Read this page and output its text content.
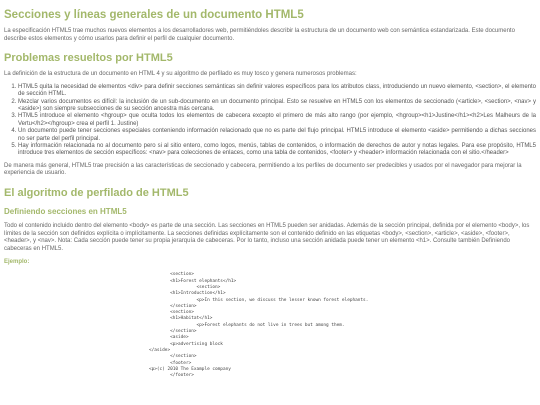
Secciones y líneas generales de un documento HTML5

La especificación HTML5 trae muchos nuevos elementos a los desarrolladores web, permitiéndoles describir la estructura de un documento web con semántica estandarizada. Este documento describe estos elementos y cómo usarlos para definir el perfil de cualquier documento.

Problemas resueltos por HTML5

La definición de la estructura de un documento en HTML 4 y su algoritmo de perfilado es muy tosco y genera numerosos problemas:

1. HTML5 quita la necesidad de elementos <div> para definir secciones semánticas sin definir valores específicos para los atributos class, introduciendo un nuevo elemento, <section>, el elemento de sección HTML.
2. Mezclar varios documentos es difícil: la inclusión de un sub-documento en un documento principal. Esto se resuelve en HTML5 con los elementos de seccionado (<article>, <section>, <nav> y <aside>) son siempre subsecciones de su sección ancestra más cercana.
3. HTML5 introduce el elemento <hgroup> que oculta todos los elementos de cabecera excepto el primero de más alto rango (por ejemplo, <hgroup><h1>Justine</h1><h2>Les Malheurs de la Vertu</h2></hgroup> crea el perfil 1. Justine)
4. Un documento puede tener secciones especiales conteniendo información relacionado que no es parte del flujo principal. HTML5 introduce el elemento <aside> permitiendo a dichas secciones no ser parte del perfil principal.
5. Hay información relacionada no al documento pero si al sitio entero, como logos, menús, tablas de contenidos, o información de derechos de autor y notas legales. Para ese propósito, HTML5 introduce tres elementos de sección específicos: <nav> para colecciones de enlaces, como una tabla de contenidos, <footer> y <header> información relacionada con el sitio.</header>

De manera más general, HTML5 trae precisión a las características de seccionado y cabecera, permitiendo a los perfiles de documento ser predecibles y usados por el navegador para mejorar la experiencia de usuario.

El algoritmo de perfilado de HTML5
Definiendo secciones en HTML5

Todo el contenido incluido dentro del elemento <body> es parte de una sección. Las secciones en HTML5 pueden ser anidadas. Además de la sección principal, definida por el elemento <body>, los límites de la sección son definidos explícita o implícitamente. La secciones definidas explícitamente son el contenido definido en las etiquetas <body>, <section>, <article>, <aside>, <footer>, <header>, y <nav>. Nota: Cada sección puede tener su propia jerarquía de cabeceras. Por lo tanto, incluso una sección anidada puede tener un elemento <h1>. Consulte también Definiendo cabeceras en HTML5.

Ejemplo:
<section>
<h1>Forest elephants</h1>
<section>
<h1>Introduction</h1>
<p>In this section, we discuss the lesser known forest elephants.
</section>
<section>
<h1>Habitat</h1>
<p>Forest elephants do not live in trees but among them.
</section>
<aside>
<p>advertising block
</aside>
</section>
<footer>
<p>(c) 2010 The Example company
</footer>
